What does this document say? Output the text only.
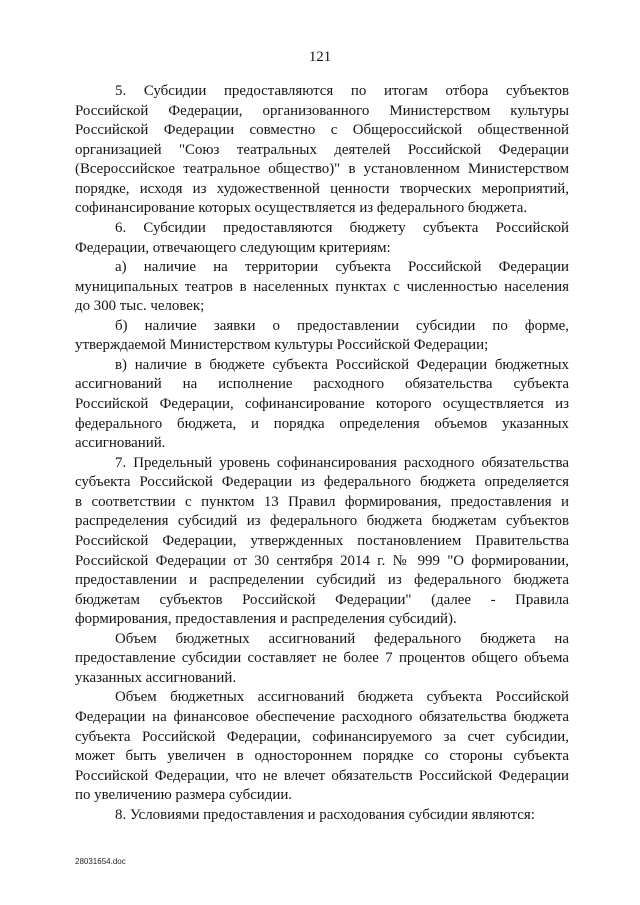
121
5. Субсидии предоставляются по итогам отбора субъектов
Российской Федерации, организованного Министерством культуры
Российской Федерации совместно с Общероссийской общественной
организацией "Союз театральных деятелей Российской Федерации
(Всероссийское театральное общество)" в установленном Министерством
порядке, исходя из художественной ценности творческих мероприятий,
софинансирование которых осуществляется из федерального бюджета.
6. Субсидии предоставляются бюджету субъекта Российской
Федерации, отвечающего следующим критериям:
а) наличие на территории субъекта Российской Федерации
муниципальных театров в населенных пунктах с численностью населения
до 300 тыс. человек;
б) наличие заявки о предоставлении субсидии по форме,
утверждаемой Министерством культуры Российской Федерации;
в) наличие в бюджете субъекта Российской Федерации бюджетных
ассигнований на исполнение расходного обязательства субъекта
Российской Федерации, софинансирование которого осуществляется из
федерального бюджета, и порядка определения объемов указанных
ассигнований.
7. Предельный уровень софинансирования расходного обязательства
субъекта Российской Федерации из федерального бюджета определяется
в соответствии с пунктом 13 Правил формирования, предоставления и
распределения субсидий из федерального бюджета бюджетам субъектов
Российской Федерации, утвержденных постановлением Правительства
Российской Федерации от 30 сентября 2014 г. № 999 "О формировании,
предоставлении и распределении субсидий из федерального бюджета
бюджетам субъектов Российской Федерации" (далее - Правила
формирования, предоставления и распределения субсидий).
Объем бюджетных ассигнований федерального бюджета на
предоставление субсидии составляет не более 7 процентов общего объема
указанных ассигнований.
Объем бюджетных ассигнований бюджета субъекта Российской
Федерации на финансовое обеспечение расходного обязательства бюджета
субъекта Российской Федерации, софинансируемого за счет субсидии,
может быть увеличен в одностороннем порядке со стороны субъекта
Российской Федерации, что не влечет обязательств Российской Федерации
по увеличению размера субсидии.
8. Условиями предоставления и расходования субсидии являются:
28031654.doc
